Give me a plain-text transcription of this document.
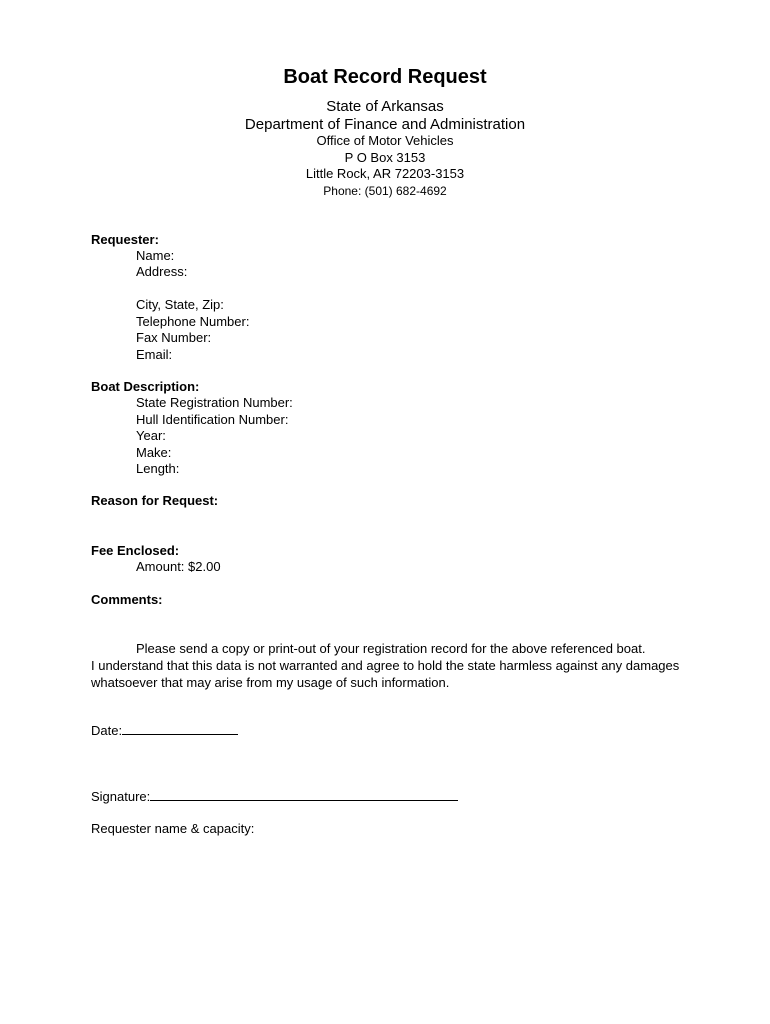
Boat Record Request
State of Arkansas
Department of Finance and Administration
Office of Motor Vehicles
P O Box 3153
Little Rock, AR 72203-3153
Phone: (501) 682-4692
Requester:
Name:
Address:
City, State, Zip:
Telephone Number:
Fax Number:
Email:
Boat Description:
State Registration Number:
Hull Identification Number:
Year:
Make:
Length:
Reason for Request:
Fee Enclosed:
Amount: $2.00
Comments:
Please send a copy or print-out of your registration record for the above referenced boat.
I understand that this data is not warranted and agree to hold the state harmless against any damages whatsoever that may arise from my usage of such information.
Date:
Signature:
Requester name & capacity:
